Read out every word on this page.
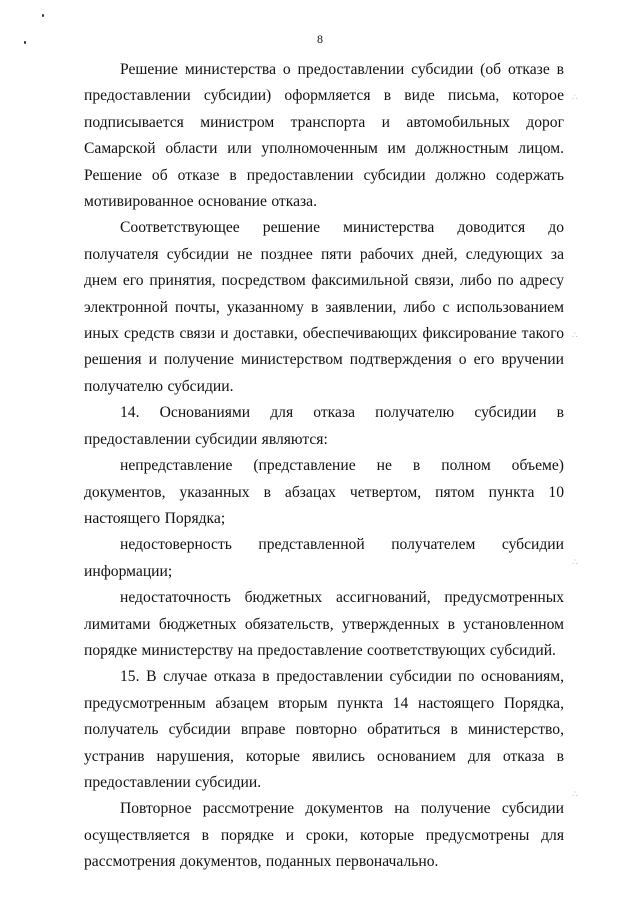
8

Решение министерства о предоставлении субсидии (об отказе в предоставлении субсидии) оформляется в виде письма, которое подписывается министром транспорта и автомобильных дорог Самарской области или уполномоченным им должностным лицом. Решение об отказе в предоставлении субсидии должно содержать мотивированное основание отказа.

Соответствующее решение министерства доводится до получателя субсидии не позднее пяти рабочих дней, следующих за днем его принятия, посредством факсимильной связи, либо по адресу электронной почты, указанному в заявлении, либо с использованием иных средств связи и доставки, обеспечивающих фиксирование такого решения и получение министерством подтверждения о его вручении получателю субсидии.

14. Основаниями для отказа получателю субсидии в предоставлении субсидии являются:

непредставление (представление не в полном объеме) документов, указанных в абзацах четвертом, пятом пункта 10 настоящего Порядка;

недостоверность представленной получателем субсидии информации;

недостаточность бюджетных ассигнований, предусмотренных лимитами бюджетных обязательств, утвержденных в установленном порядке министерству на предоставление соответствующих субсидий.

15. В случае отказа в предоставлении субсидии по основаниям, предусмотренным абзацем вторым пункта 14 настоящего Порядка, получатель субсидии вправе повторно обратиться в министерство, устранив нарушения, которые явились основанием для отказа в предоставлении субсидии.

Повторное рассмотрение документов на получение субсидии осуществляется в порядке и сроки, которые предусмотрены для рассмотрения документов, поданных первоначально.

∴
∴
∴
∴
